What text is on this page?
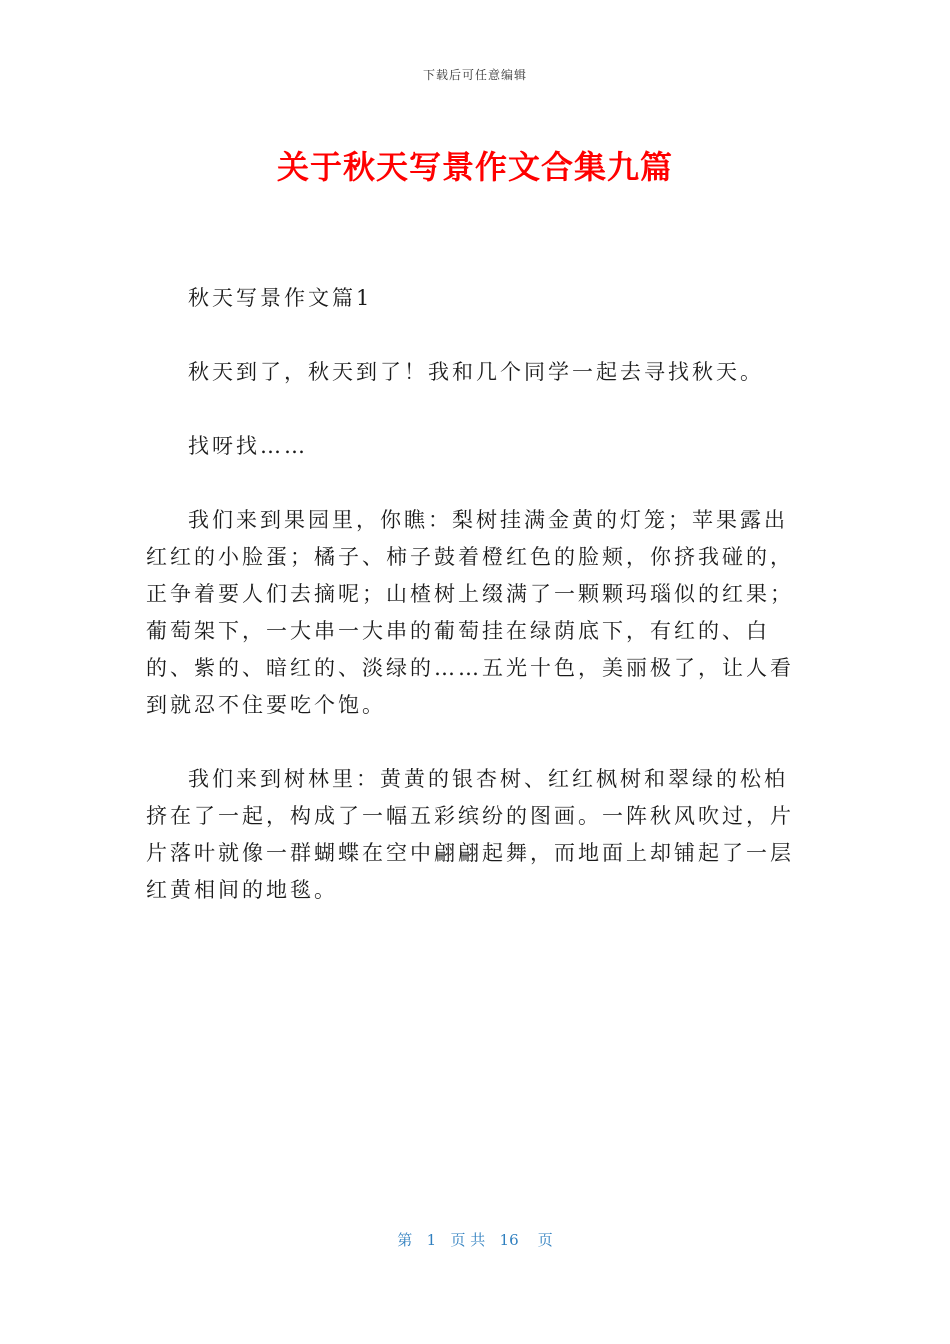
下载后可任意编辑
关于秋天写景作文合集九篇

秋天写景作文篇1

秋天到了，秋天到了！我和几个同学一起去寻找秋天。

找呀找……

我们来到果园里，你瞧：梨树挂满金黄的灯笼；苹果露出红红的小脸蛋；橘子、柿子鼓着橙红色的脸颊，你挤我碰的，正争着要人们去摘呢；山楂树上缀满了一颗颗玛瑙似的红果；葡萄架下，一大串一大串的葡萄挂在绿荫底下，有红的、白的、紫的、暗红的、淡绿的……五光十色，美丽极了，让人看到就忍不住要吃个饱。

我们来到树林里：黄黄的银杏树、红红枫树和翠绿的松柏挤在了一起，构成了一幅五彩缤纷的图画。一阵秋风吹过，片片落叶就像一群蝴蝶在空中翩翩起舞，而地面上却铺起了一层红黄相间的地毯。

第 1 页 共 16 页
